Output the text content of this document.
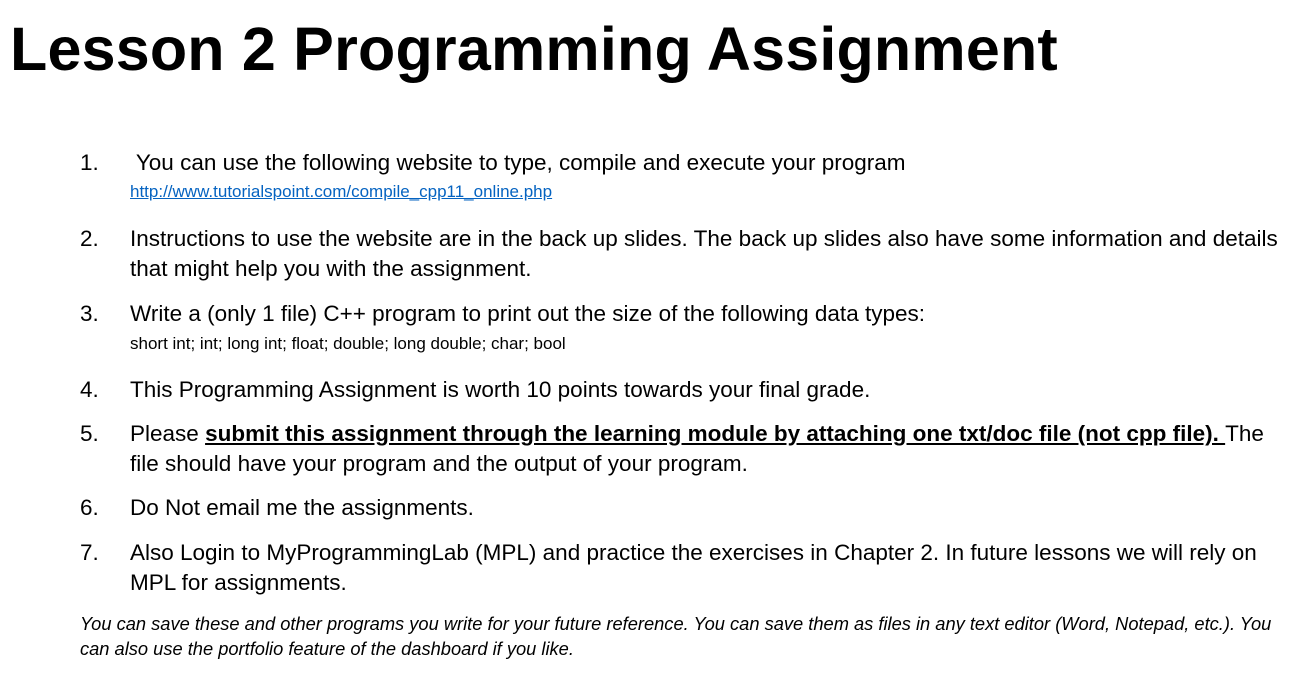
Lesson 2 Programming Assignment
1.	You can use the following website to type, compile and execute your program
http://www.tutorialspoint.com/compile_cpp11_online.php
2.	Instructions to use the website are in the back up slides. The back up slides also have some information and details that might help you with the assignment.
3.	Write a (only 1 file) C++ program to print out the size of the following data types:
short int; int; long int; float; double; long double; char; bool
4.	This Programming Assignment is worth 10 points towards your final grade.
5.	Please submit this assignment through the learning module by attaching one txt/doc file (not cpp file). The file should have your program and the output of your program.
6.	Do Not email me the assignments.
7.	Also Login to MyProgrammingLab (MPL) and practice the exercises in Chapter 2. In future lessons we will rely on MPL for assignments.
You can save these and other programs you write for your future reference. You can save them as files in any text editor (Word, Notepad, etc.). You can also use the portfolio feature of the dashboard if you like.
